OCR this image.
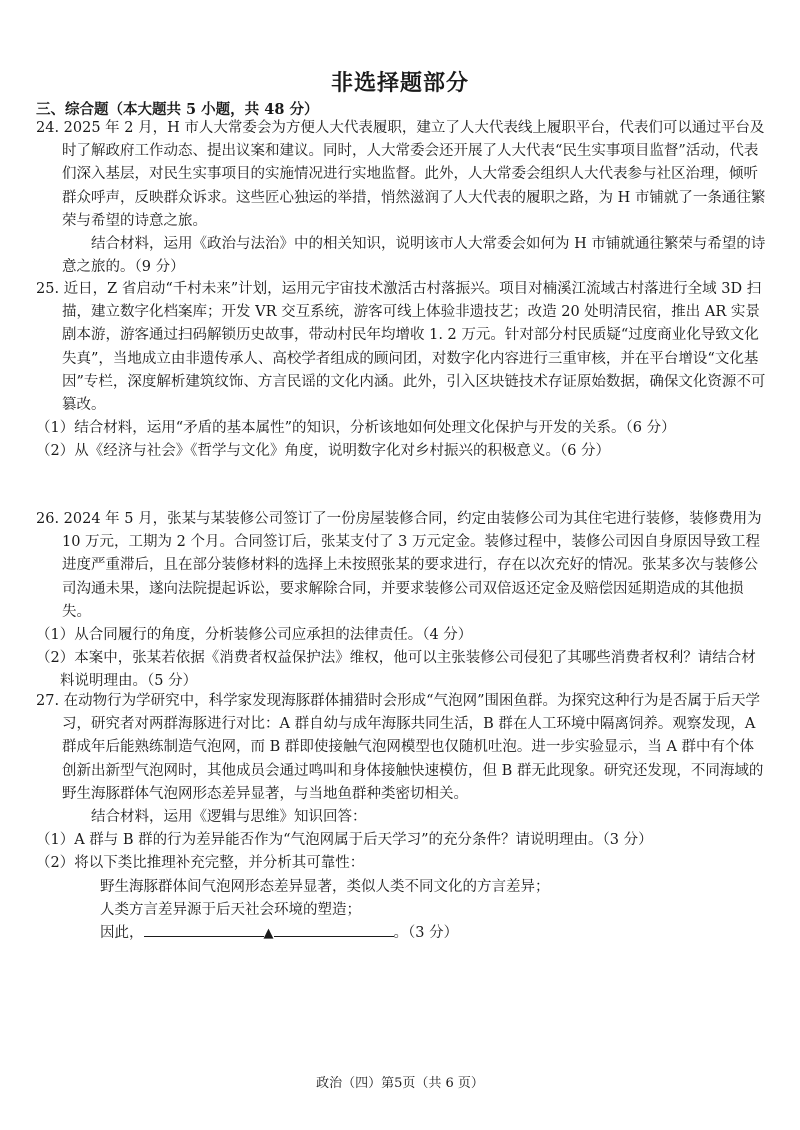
非选择题部分
三、综合题（本大题共 5 小题，共 48 分）
24. 2025 年 2 月，H 市人大常委会为方便人大代表履职，建立了人大代表线上履职平台，代表们可以通过平台及时了解政府工作动态、提出议案和建议。同时，人大常委会还开展了人大代表“民生实事项目监督”活动，代表们深入基层，对民生实事项目的实施情况进行实地监督。此外，人大常委会组织人大代表参与社区治理，倾听群众呼声，反映群众诉求。这些匠心独运的举措，悄然滋润了人大代表的履职之路，为 H 市铺就了一条通往繁荣与希望的诗意之旅。
结合材料，运用《政治与法治》中的相关知识，说明该市人大常委会如何为 H 市铺就通往繁荣与希望的诗意之旅的。（9 分）
25. 近日，Z 省启动“千村未来”计划，运用元宇宙技术激活古村落振兴。项目对楠溪江流域古村落进行全域 3D 扫描，建立数字化档案库；开发 VR 交互系统，游客可线上体验非遗技艺；改造 20 处明清民宿，推出 AR 实景剧本游，游客通过扫码解锁历史故事，带动村民年均增收 1. 2 万元。针对部分村民质疑“过度商业化导致文化失真”，当地成立由非遗传承人、高校学者组成的顾问团，对数字化内容进行三重审核，并在平台增设“文化基因”专栏，深度解析建筑纹饰、方言民谣的文化内涵。此外，引入区块链技术存证原始数据，确保文化资源不可篡改。
（1）结合材料，运用“矛盾的基本属性”的知识，分析该地如何处理文化保护与开发的关系。（6 分）
（2）从《经济与社会》《哲学与文化》角度，说明数字化对乡村振兴的积极意义。（6 分）
26. 2024 年 5 月，张某与某装修公司签订了一份房屋装修合同，约定由装修公司为其住宅进行装修，装修费用为 10 万元，工期为 2 个月。合同签订后，张某支付了 3 万元定金。装修过程中，装修公司因自身原因导致工程进度严重滞后，且在部分装修材料的选择上未按照张某的要求进行，存在以次充好的情况。张某多次与装修公司沟通未果，遂向法院提起诉讼，要求解除合同，并要求装修公司双倍返还定金及赔偿因延期造成的其他损失。
（1）从合同履行的角度，分析装修公司应承担的法律责任。（4 分）
（2）本案中，张某若依据《消费者权益保护法》维权，他可以主张装修公司侵犯了其哪些消费者权利？请结合材料说明理由。（5 分）
27. 在动物行为学研究中，科学家发现海豚群体捕猎时会形成“气泡网”围困鱼群。为探究这种行为是否属于后天学习，研究者对两群海豚进行对比：A 群自幼与成年海豚共同生活，B 群在人工环境中隔离饲养。观察发现，A 群成年后能熟练制造气泡网，而 B 群即使接触气泡网模型也仅随机吐泡。进一步实验显示，当 A 群中有个体创新出新型气泡网时，其他成员会通过鸣叫和身体接触快速模仿，但 B 群无此现象。研究还发现，不同海域的野生海豚群体气泡网形态差异显著，与当地鱼群种类密切相关。
结合材料，运用《逻辑与思维》知识回答：
（1）A 群与 B 群的行为差异能否作为“气泡网属于后天学习”的充分条件？请说明理由。（3 分）
（2）将以下类比推理补充完整，并分析其可靠性：
野生海豚群体间气泡网形态差异显著，类似人类不同文化的方言差异；
人类方言差异源于后天社会环境的塑造；
因此，	▲	。（3 分）
政治（四）第5页（共 6 页）
